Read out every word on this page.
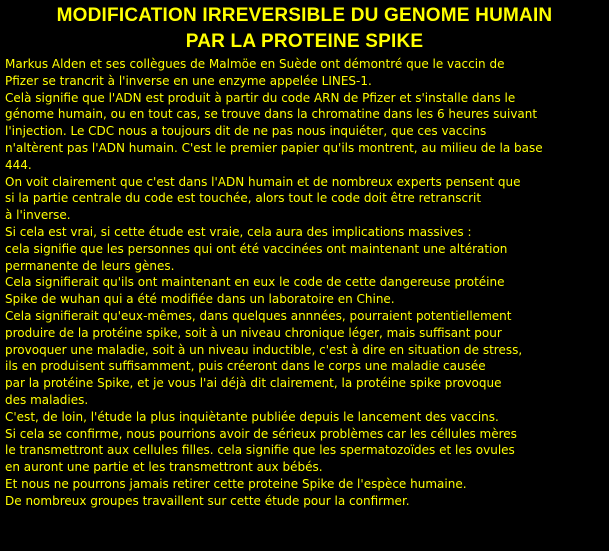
MODIFICATION IRREVERSIBLE DU GENOME HUMAIN
PAR LA PROTEINE SPIKE
Markus Alden et ses collègues de Malmöe en Suède ont démontré que le vaccin de
Pfizer se trancrit à l'inverse en une enzyme appelée LINES-1.
Celà signifie que l'ADN est produit à partir du code ARN de Pfizer et s'installe dans le
génome humain, ou en tout cas, se trouve dans la chromatine dans les 6 heures suivant
l'injection. Le CDC nous a toujours dit de ne pas nous inquiéter, que ces vaccins
n'altèrent pas l'ADN humain. C'est le premier papier qu'ils montrent, au milieu de la base
444.
On voit clairement que c'est dans l'ADN humain et de nombreux experts pensent que
si la partie centrale du code est touchée, alors tout le code doit être retranscrit
à l'inverse.
Si cela est vrai, si cette étude est vraie, cela aura des implications massives :
cela signifie que les personnes qui ont été vaccinées ont maintenant une altération
permanente de leurs gènes.
Cela signifierait qu'ils ont maintenant en eux le code de cette dangereuse protéine
Spike de wuhan qui a été modifiée dans un laboratoire en Chine.
Cela signifierait qu'eux-mêmes, dans quelques annnées, pourraient potentiellement
produire de la protéine spike, soit à un niveau chronique léger, mais suffisant pour
provoquer une maladie, soit à un niveau inductible, c'est à dire en situation de stress,
ils en produisent suffisamment, puis créeront dans le corps une maladie causée
par la protéine Spike, et je vous l'ai déjà dit clairement, la protéine spike provoque
des maladies.
C'est, de loin, l'étude la plus inquiètante publiée depuis le lancement des vaccins.
Si cela se confirme, nous pourrions avoir de sérieux problèmes car les céllules mères
le transmettront aux cellules filles. cela signifie que les spermatozoïdes et les ovules
en auront une partie et les transmettront aux bébés.
Et nous ne pourrons jamais retirer cette proteine Spike de l'espèce humaine.
De nombreux groupes travaillent sur cette étude pour la confirmer.
